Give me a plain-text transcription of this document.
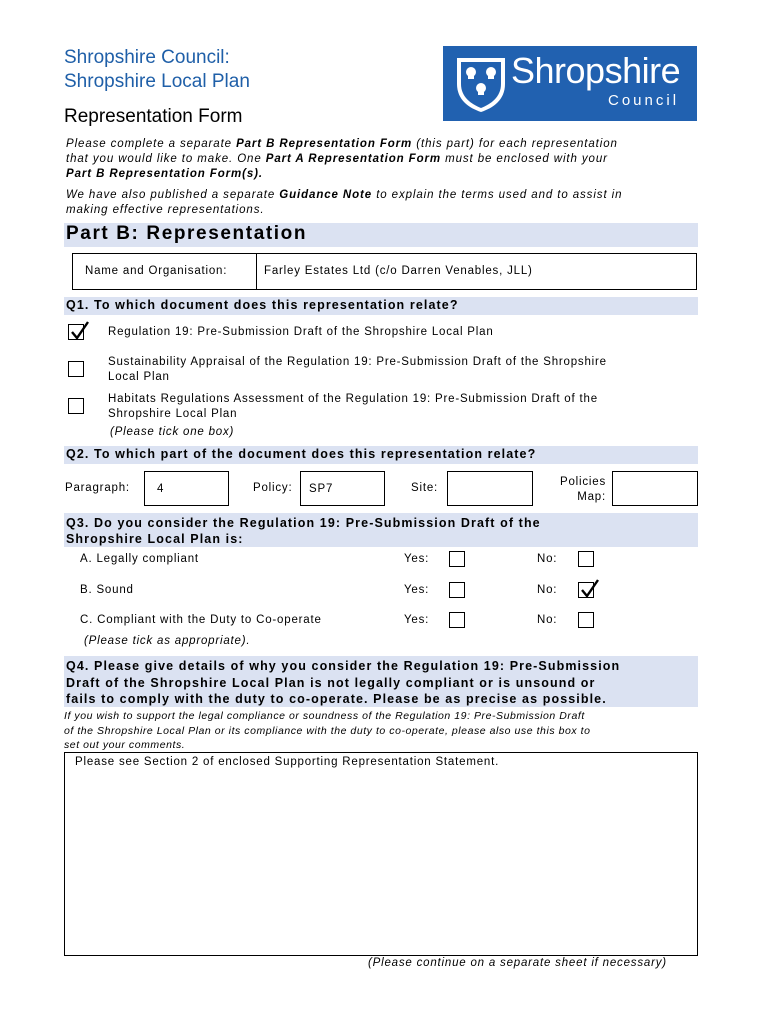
Shropshire Council:
Shropshire Local Plan	Shropshire
Council
Representation Form
Please complete a separate Part B Representation Form (this part) for each representation
that you would like to make. One Part A Representation Form must be enclosed with your
Part B Representation Form(s).
We have also published a separate Guidance Note to explain the terms used and to assist in
making effective representations.
Part B: Representation
Name and Organisation:	Farley Estates Ltd (c/o Darren Venables, JLL)
Q1. To which document does this representation relate?
Regulation 19: Pre-Submission Draft of the Shropshire Local Plan
Sustainability Appraisal of the Regulation 19: Pre-Submission Draft of the Shropshire
Local Plan
Habitats Regulations Assessment of the Regulation 19: Pre-Submission Draft of the
Shropshire Local Plan
(Please tick one box)
Q2. To which part of the document does this representation relate?
Paragraph: 4	Policy: SP7	Site:	Policies
Map:
Q3. Do you consider the Regulation 19: Pre-Submission Draft of the
Shropshire Local Plan is:
A. Legally compliant	Yes:	No:
B. Sound	Yes:	No:
C. Compliant with the Duty to Co-operate	Yes:	No:
(Please tick as appropriate).
Q4. Please give details of why you consider the Regulation 19: Pre-Submission
Draft of the Shropshire Local Plan is not legally compliant or is unsound or
fails to comply with the duty to co-operate. Please be as precise as possible.
If you wish to support the legal compliance or soundness of the Regulation 19: Pre-Submission Draft
of the Shropshire Local Plan or its compliance with the duty to co-operate, please also use this box to
set out your comments.
Please see Section 2 of enclosed Supporting Representation Statement.
(Please continue on a separate sheet if necessary)
